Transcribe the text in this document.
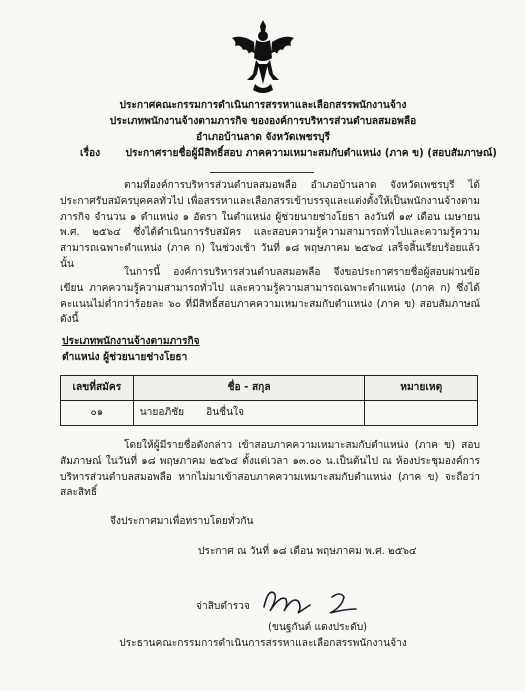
ประกาศคณะกรรมการดำเนินการสรรหาและเลือกสรรพนักงานจ้าง
ประเภทพนักงานจ้างตามภารกิจ ขององค์การบริหารส่วนตำบลสมอพลือ
อำเภอบ้านลาด จังหวัดเพชรบุรี
เรื่อง	ประกาศรายชื่อผู้มีสิทธิ์สอบ ภาคความเหมาะสมกับตำแหน่ง (ภาค ข) (สอบสัมภาษณ์)
ตามที่องค์การบริหารส่วนตำบลสมอพลือ อำเภอบ้านลาด จังหวัดเพชรบุรี ได้ประกาศรับสมัครบุคคลทั่วไป เพื่อสรรหาและเลือกสรรเข้าบรรจุและแต่งตั้งให้เป็นพนักงานจ้างตามภารกิจ จำนวน ๑ ตำแหน่ง ๑ อัตรา ในตำแหน่ง ผู้ช่วยนายช่างโยธา ลงวันที่ ๑๙ เดือน เมษายน พ.ศ. ๒๕๖๔ ซึ่งได้ดำเนินการรับสมัคร และสอบความรู้ความสามารถทั่วไปและความรู้ความสามารถเฉพาะตำแหน่ง (ภาค ก) ในช่วงเช้า วันที่ ๑๘ พฤษภาคม ๒๕๖๔ เสร็จสิ้นเรียบร้อยแล้ว นั้น
ในการนี้ องค์การบริหารส่วนตำบลสมอพลือ จึงขอประกาศรายชื่อผู้สอบผ่านข้อเขียน ภาคความรู้ความสามารถทั่วไป และความรู้ความสามารถเฉพาะตำแหน่ง (ภาค ก) ซึ่งได้คะแนนไม่ต่ำกว่าร้อยละ ๖๐ ที่มีสิทธิ์สอบภาคความเหมาะสมกับตำแหน่ง (ภาค ข) สอบสัมภาษณ์ ดังนี้
ประเภทพนักงานจ้างตามภารกิจ
ตำแหน่ง ผู้ช่วยนายช่างโยธา
เลขที่สมัคร	ชื่อ - สกุล	หมายเหตุ
๐๑	นายอภิชัย อินชื่นใจ	

โดยให้ผู้มีรายชื่อดังกล่าว เข้าสอบภาคความเหมาะสมกับตำแหน่ง (ภาค ข) สอบสัมภาษณ์ ในวันที่ ๑๘ พฤษภาคม ๒๕๖๔ ตั้งแต่เวลา ๑๓.๐๐ น.เป็นต้นไป ณ ห้องประชุมองค์การบริหารส่วนตำบลสมอพลือ หากไม่มาเข้าสอบภาคความเหมาะสมกับตำแหน่ง (ภาค ข) จะถือว่าสละสิทธิ์
จึงประกาศมาเพื่อทราบโดยทั่วกัน
ประกาศ ณ วันที่ ๑๘ เดือน พฤษภาคม พ.ศ. ๒๕๖๔
จ่าสิบตำรวจ
(ขนฐกันต์ แดงประดับ)
ประธานคณะกรรมการดำเนินการสรรหาและเลือกสรรพนักงานจ้าง
